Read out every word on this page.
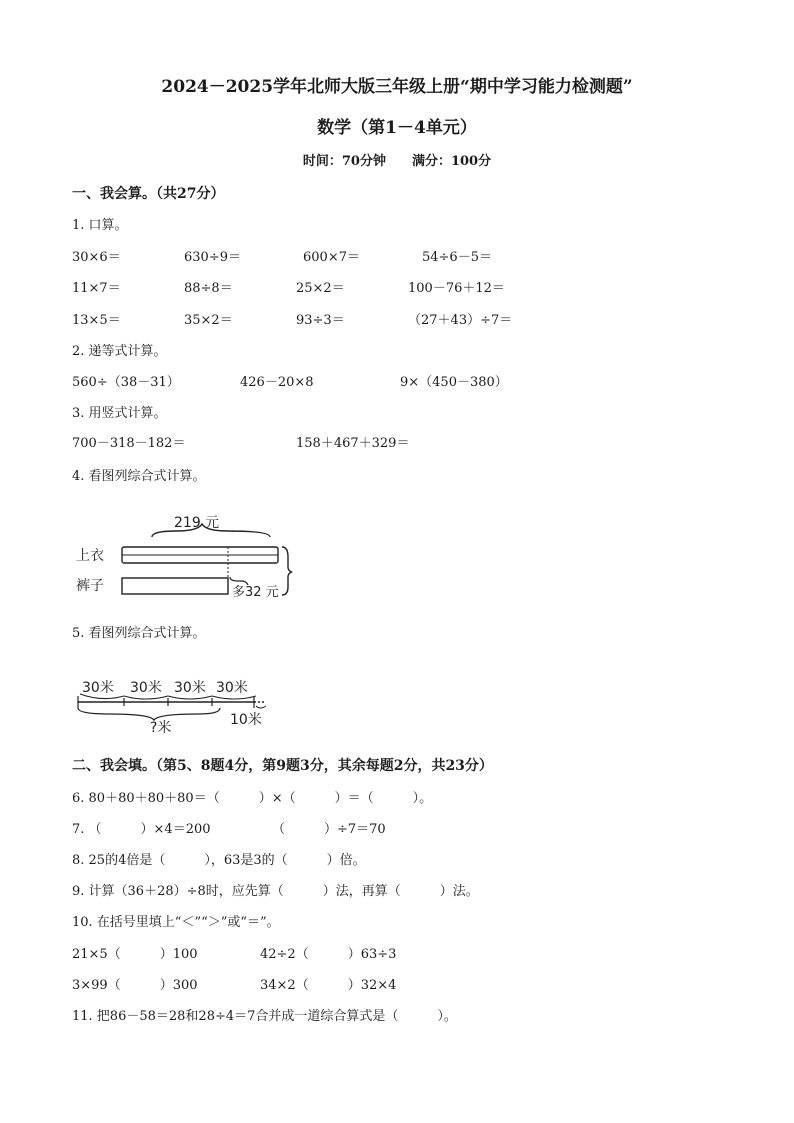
2024－2025学年北师大版三年级上册“期中学习能力检测题”
数学（第1－4单元）
时间：70分钟　　满分：100分
一、我会算。（共27分）
1. 口算。
30×6＝	630÷9＝	600×7＝	54÷6－5＝
11×7＝	88÷8＝	25×2＝	100－76＋12＝
13×5＝	35×2＝	93÷3＝	（27＋43）÷7＝
2. 递等式计算。
560÷（38－31）	426－20×8	9×（450－380）
3. 用竖式计算。
700－318－182＝	158＋467＋329＝
4. 看图列综合式计算。
219 元
上衣
裤子	多32 元
5. 看图列综合式计算。
30米 30米 30米 30米
?米	10米
二、我会填。（第5、8题4分，第9题3分，其余每题2分，共23分）
6. 80＋80＋80＋80＝（　　　）×（　　　）＝（　　　）。
7. （　　　）×4＝200	（　　　）÷7＝70
8. 25的4倍是（　　　），63是3的（　　　）倍。
9. 计算（36＋28）÷8时，应先算（　　　）法，再算（　　　）法。
10. 在括号里填上“＜”“＞”或“＝”。
21×5（　　　）100	42÷2（　　　）63÷3
3×99（　　　）300	34×2（　　　）32×4
11. 把86－58＝28和28÷4＝7合并成一道综合算式是（　　　）。
